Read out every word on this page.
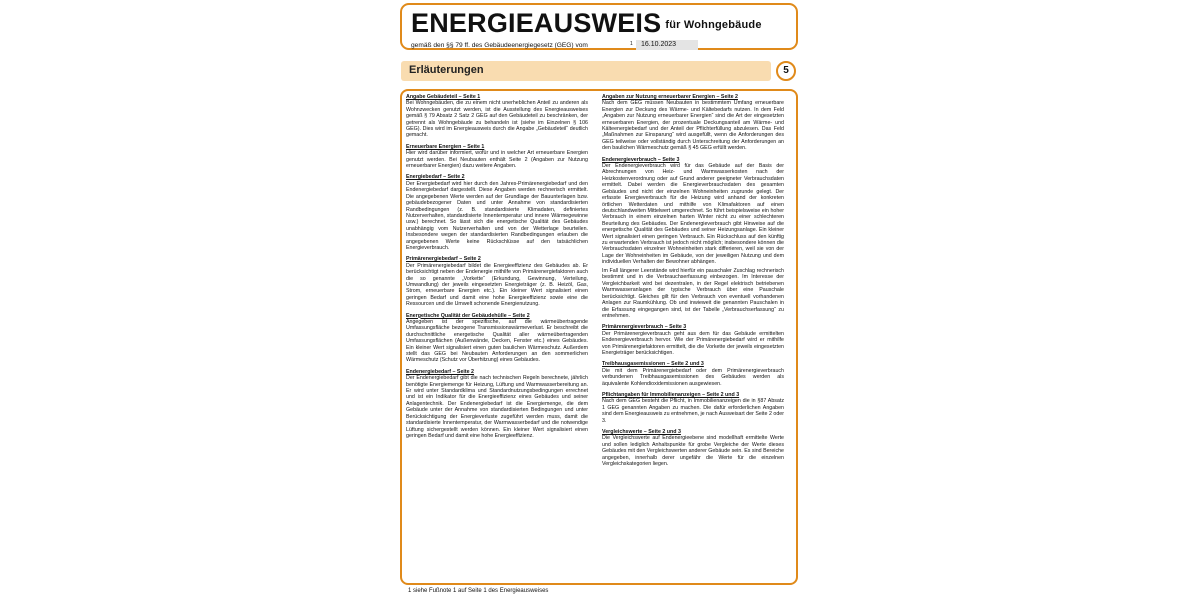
ENERGIEAUSWEIS für Wohngebäude
gemäß den §§ 79 ff. des Gebäudeenergiegesetz (GEG) vom	1	16.10.2023
Erläuterungen	5
Angabe Gebäudeteil – Seite 1

Bei Wohngebäuden, die zu einem nicht unerheblichen Anteil zu anderen als Wohnzwecken genutzt werden, ist die Ausstellung des Energieausweises gemäß § 79 Absatz 2 Satz 2 GEG auf den Gebäudeteil zu beschränken, der getrennt als Wohngebäude zu behandeln ist (siehe im Einzelnen § 106 GEG). Dies wird im Energieausweis durch die Angabe „Gebäudeteil“ deutlich gemacht.

Erneuerbare Energien – Seite 1

Hier wird darüber informiert, wofür und in welcher Art erneuerbare Energien genutzt werden. Bei Neubauten enthält Seite 2 (Angaben zur Nutzung erneuerbarer Energien) dazu weitere Angaben.

Energiebedarf – Seite 2

Der Energiebedarf wird hier durch den Jahres-Primärenergiebedarf und den Endenergiebedarf dargestellt. Diese Angaben werden rechnerisch ermittelt. Die angegebenen Werte werden auf der Grundlage der Bauunterlagen bzw. gebäudebezogener Daten und unter Annahme von standardisierten Randbedingungen (z. B. standardisierte Klimadaten, definiertes Nutzerverhalten, standardisierte Innentemperatur und innere Wärmegewinne usw.) berechnet. So lässt sich die energetische Qualität des Gebäudes unabhängig vom Nutzerverhalten und von der Wetterlage beurteilen. Insbesondere wegen der standardisierten Randbedingungen erlauben die angegebenen Werte keine Rückschlüsse auf den tatsächlichen Energieverbrauch.

Primärenergiebedarf – Seite 2

Der Primärenergiebedarf bildet die Energieeffizienz des Gebäudes ab. Er berücksichtigt neben der Endenergie mithilfe von Primärenergiefaktoren auch die so genannte „Vorkette“ (Erkundung, Gewinnung, Verteilung, Umwandlung) der jeweils eingesetzten Energieträger (z. B. Heizöl, Gas, Strom, erneuerbare Energien etc.). Ein kleiner Wert signalisiert einen geringen Bedarf und damit eine hohe Energieeffizienz sowie eine die Ressourcen und die Umwelt schonende Energienutzung.

Energetische Qualität der Gebäudehülle – Seite 2

Angegeben ist der spezifische, auf die wärmeübertragende Umfassungsfläche bezogene Transmissionswärmeverlust. Er beschreibt die durchschnittliche energetische Qualität aller wärmeübertragenden Umfassungsflächen (Außenwände, Decken, Fenster etc.) eines Gebäudes. Ein kleiner Wert signalisiert einen guten baulichen Wärmeschutz. Außerdem stellt das GEG bei Neubauten Anforderungen an den sommerlichen Wärmeschutz (Schutz vor Überhitzung) eines Gebäudes.

Endenergiebedarf – Seite 2

Der Endenergiebedarf gibt die nach technischen Regeln berechnete, jährlich benötigte Energiemenge für Heizung, Lüftung und Warmwasserbereitung an. Er wird unter Standardklima und Standardnutzungsbedingungen errechnet und ist ein Indikator für die Energieeffizienz eines Gebäudes und seiner Anlagentechnik. Der Endenergiebedarf ist die Energiemenge, die dem Gebäude unter der Annahme von standardisierten Bedingungen und unter Berücksichtigung der Energieverluste zugeführt werden muss, damit die standardisierte Innentemperatur, der Warmwasserbedarf und die notwendige Lüftung sichergestellt werden können. Ein kleiner Wert signalisiert einen geringen Bedarf und damit eine hohe Energieeffizienz.

Angaben zur Nutzung erneuerbarer Energien – Seite 2

Nach dem GEG müssen Neubauten in bestimmtem Umfang erneuerbare Energien zur Deckung des Wärme- und Kältebedarfs nutzen. In dem Feld „Angaben zur Nutzung erneuerbarer Energien“ sind die Art der eingesetzten erneuerbaren Energien, der prozentuale Deckungsanteil am Wärme- und Kälteenergiebedarf und der Anteil der Pflichterfüllung abzulesen. Das Feld „Maßnahmen zur Einsparung“ wird ausgefüllt, wenn die Anforderungen des GEG teilweise oder vollständig durch Unterschreitung der Anforderungen an den baulichen Wärmeschutz gemäß § 45 GEG erfüllt werden.

Endenergieverbrauch – Seite 3

Der Endenergieverbrauch wird für das Gebäude auf der Basis der Abrechnungen von Heiz- und Warmwasserkosten nach der Heizkostenverordnung oder auf Grund anderer geeigneter Verbrauchsdaten ermittelt. Dabei werden die Energieverbrauchsdaten des gesamten Gebäudes und nicht der einzelnen Wohneinheiten zugrunde gelegt. Der erfasste Energieverbrauch für die Heizung wird anhand der konkreten örtlichen Wetterdaten und mithilfe von Klimafaktoren auf einen deutschlandweiten Mittelwert umgerechnet. So führt beispielsweise ein hoher Verbrauch in einem einzelnen harten Winter nicht zu einer schlechteren Beurteilung des Gebäudes. Der Endenergieverbrauch gibt Hinweise auf die energetische Qualität des Gebäudes und seiner Heizungsanlage. Ein kleiner Wert signalisiert einen geringen Verbrauch. Ein Rückschluss auf den künftig zu erwartenden Verbrauch ist jedoch nicht möglich; insbesondere können die Verbrauchsdaten einzelner Wohneinheiten stark differieren, weil sie von der Lage der Wohneinheiten im Gebäude, von der jeweiligen Nutzung und dem individuellen Verhalten der Bewohner abhängen.

Im Fall längerer Leerstände wird hierfür ein pauschaler Zuschlag rechnerisch bestimmt und in die Verbrauchserfassung einbezogen. Im Interesse der Vergleichbarkeit wird bei dezentralen, in der Regel elektrisch betriebenen Warmwasseranlagen der typische Verbrauch über eine Pauschale berücksichtigt. Gleiches gilt für den Verbrauch von eventuell vorhandenen Anlagen zur Raumkühlung. Ob und inwieweit die genannten Pauschalen in die Erfassung eingegangen sind, ist der Tabelle „Verbrauchserfassung“ zu entnehmen.

Primärenergieverbrauch – Seite 3

Der Primärenergieverbrauch geht aus dem für das Gebäude ermittelten Endenergieverbrauch hervor. Wie der Primärenergiebedarf wird er mithilfe von Primärenergiefaktoren ermittelt, die die Vorkette der jeweils eingesetzten Energieträger berücksichtigen.

Treibhausgasemissionen – Seite 2 und 3

Die mit dem Primärenergiebedarf oder dem Primärenergieverbrauch verbundenen Treibhausgasemissionen des Gebäudes werden als äquivalente Kohlendioxidemissionen ausgewiesen.

Pflichtangaben für Immobilienanzeigen – Seite 2 und 3

Nach dem GEG besteht die Pflicht, in Immobilienanzeigen die in §87 Absatz 1 GEG genannten Angaben zu machen. Die dafür erforderlichen Angaben sind dem Energieausweis zu entnehmen, je nach Ausweisart der Seite 2 oder 3.

Vergleichswerte – Seite 2 und 3

Die Vergleichswerte auf Endenergieebene sind modellhaft ermittelte Werte und sollen lediglich Anhaltspunkte für grobe Vergleiche der Werte dieses Gebäudes mit den Vergleichswerten anderer Gebäude sein. Es sind Bereiche angegeben, innerhalb derer ungefähr die Werte für die einzelnen Vergleichskategorien liegen.

1 siehe Fußnote 1 auf Seite 1 des Energieausweises
